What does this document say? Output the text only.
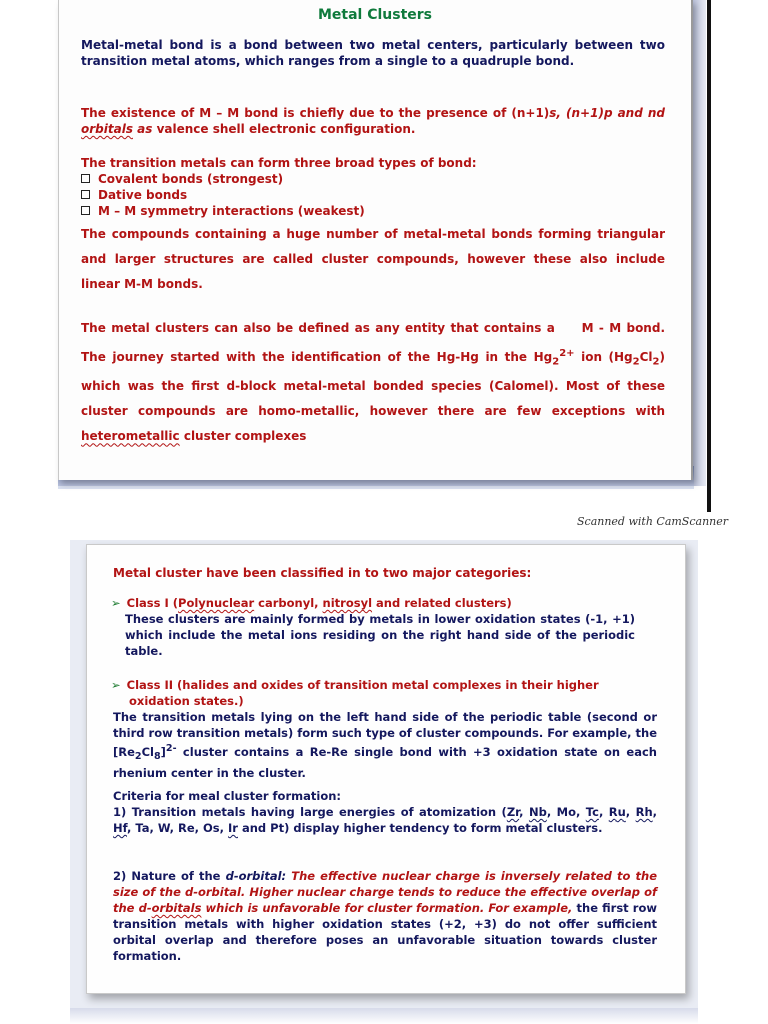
Metal Clusters

Metal-metal bond is a bond between two metal centers, particularly between two transition metal atoms, which ranges from a single to a quadruple bond.

The existence of M – M bond is chiefly due to the presence of (n+1)s, (n+1)p and nd orbitals as valence shell electronic configuration.

The transition metals can form three broad types of bond:

Covalent bonds (strongest)

Dative bonds

M – M symmetry interactions (weakest)

The compounds containing a huge number of metal-metal bonds forming triangular and larger structures are called cluster compounds, however these also include linear M-M bonds.

The metal clusters can also be defined as any entity that contains a M - M bond. The journey started with the identification of the Hg-Hg in the $Hg_2^{2+}$ ion $(Hg_2Cl_2)$ which was the first d-block metal-metal bonded species (Calomel). Most of these cluster compounds are homo-metallic, however there are few exceptions with heterometallic cluster complexes

Scanned with CamScanner
Metal cluster have been classified in to two major categories:

➢ Class I (Polynuclear carbonyl, nitrosyl and related clusters)

These clusters are mainly formed by metals in lower oxidation states (-1, +1) which include the metal ions residing on the right hand side of the periodic table.

➢ Class II (halides and oxides of transition metal complexes in their higher oxidation states.)

The transition metals lying on the left hand side of the periodic table (second or third row transition metals) form such type of cluster compounds. For example, the $[Re_2Cl_8]^{2-}$ cluster contains a Re-Re single bond with +3 oxidation state on each rhenium center in the cluster.
Criteria for meal cluster formation:
1) Transition metals having large energies of atomization (Zr, Nb, Mo, Tc, Ru, Rh, Hf, Ta, W, Re, Os, Ir and Pt) display higher tendency to form metal clusters.
2) Nature of the d-orbital: The effective nuclear charge is inversely related to the size of the d-orbital. Higher nuclear charge tends to reduce the effective overlap of the d-orbitals which is unfavorable for cluster formation. For example, the first row transition metals with higher oxidation states (+2, +3) do not offer sufficient orbital overlap and therefore poses an unfavorable situation towards cluster formation.
